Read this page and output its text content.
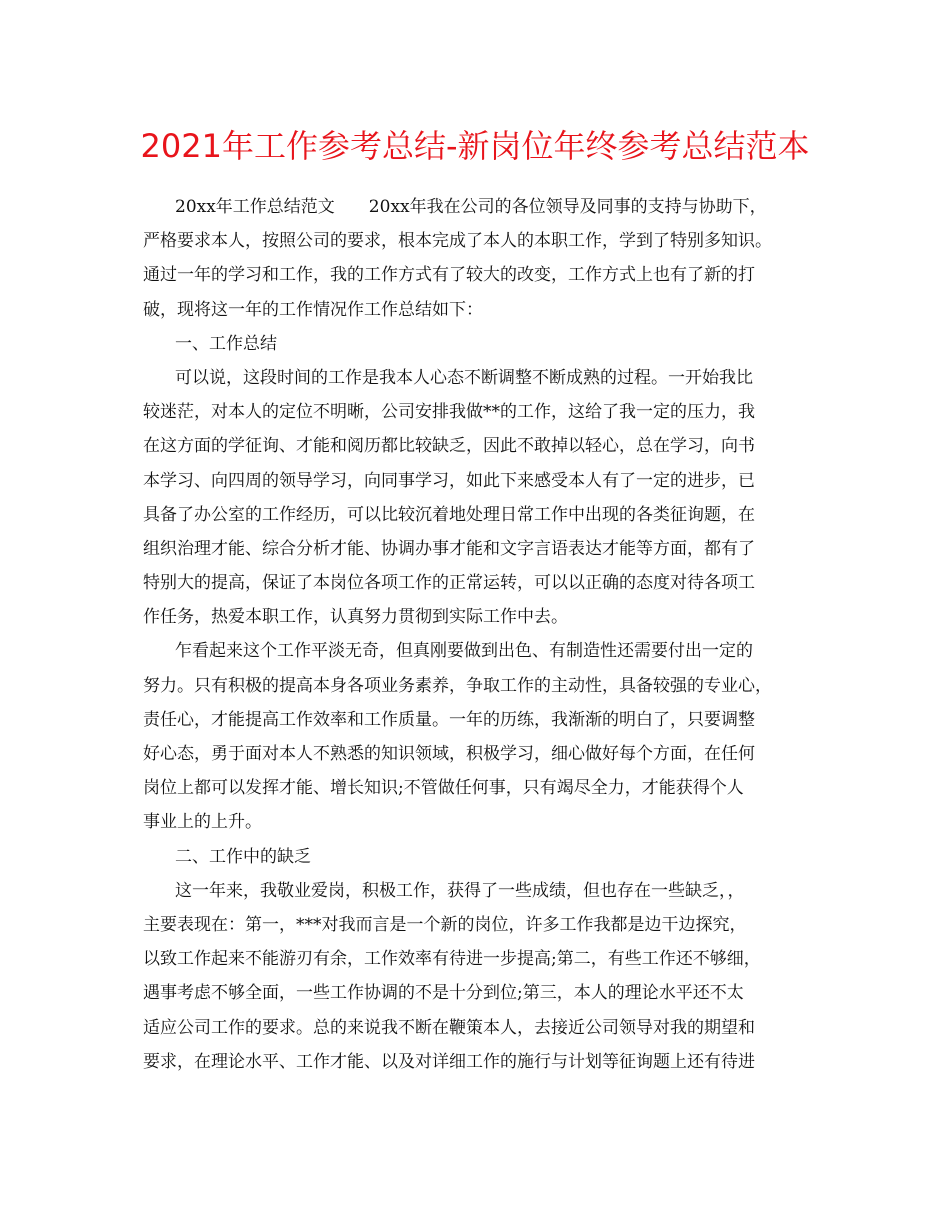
2021年工作参考总结-新岗位年终参考总结范本

20xx年工作总结范文　　20xx年我在公司的各位领导及同事的支持与协助下，

严格要求本人，按照公司的要求，根本完成了本人的本职工作，学到了特别多知识。

通过一年的学习和工作，我的工作方式有了较大的改变，工作方式上也有了新的打

破，现将这一年的工作情况作工作总结如下：

一、工作总结

可以说，这段时间的工作是我本人心态不断调整不断成熟的过程。一开始我比

较迷茫，对本人的定位不明晰，公司安排我做**的工作，这给了我一定的压力，我

在这方面的学征询、才能和阅历都比较缺乏，因此不敢掉以轻心，总在学习，向书

本学习、向四周的领导学习，向同事学习，如此下来感受本人有了一定的进步，已

具备了办公室的工作经历，可以比较沉着地处理日常工作中出现的各类征询题，在

组织治理才能、综合分析才能、协调办事才能和文字言语表达才能等方面，都有了

特别大的提高，保证了本岗位各项工作的正常运转，可以以正确的态度对待各项工

作任务，热爱本职工作，认真努力贯彻到实际工作中去。

乍看起来这个工作平淡无奇，但真刚要做到出色、有制造性还需要付出一定的

努力。只有积极的提高本身各项业务素养，争取工作的主动性，具备较强的专业心，

责任心，才能提高工作效率和工作质量。一年的历练，我渐渐的明白了，只要调整

好心态，勇于面对本人不熟悉的知识领域，积极学习，细心做好每个方面，在任何

岗位上都可以发挥才能、增长知识;不管做任何事，只有竭尽全力，才能获得个人

事业上的上升。

二、工作中的缺乏

这一年来，我敬业爱岗，积极工作，获得了一些成绩，但也存在一些缺乏，，

主要表现在：第一，***对我而言是一个新的岗位，许多工作我都是边干边探究，

以致工作起来不能游刃有余，工作效率有待进一步提高;第二，有些工作还不够细，

遇事考虑不够全面，一些工作协调的不是十分到位;第三，本人的理论水平还不太

适应公司工作的要求。总的来说我不断在鞭策本人，去接近公司领导对我的期望和

要求，在理论水平、工作才能、以及对详细工作的施行与计划等征询题上还有待进
